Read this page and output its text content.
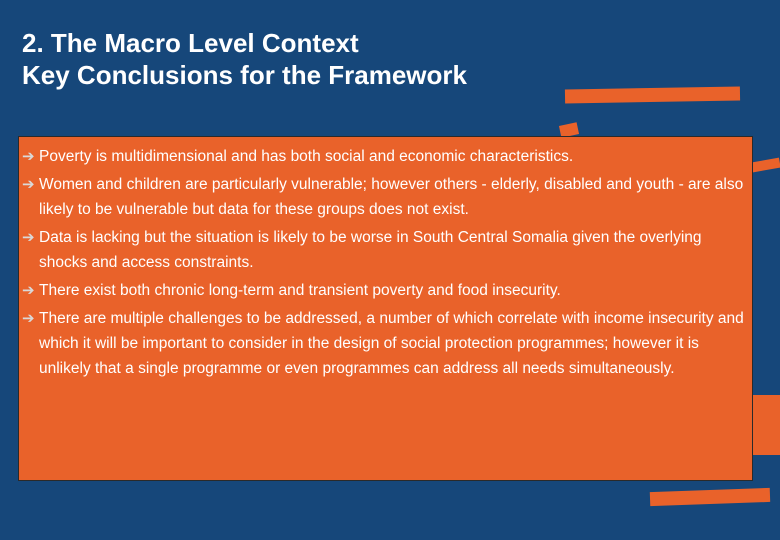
2. The Macro Level Context
Key Conclusions for the Framework
➔ Poverty is multidimensional and has both social and economic characteristics.
➔ Women and children are particularly vulnerable; however others - elderly, disabled and youth - are also likely to be vulnerable but data for these groups does not exist.
➔ Data is lacking but the situation is likely to be worse in South Central Somalia given the overlying shocks and access constraints.
➔ There exist both chronic long-term and transient poverty and food insecurity.
➔ There are multiple challenges to be addressed, a number of which correlate with income insecurity and which it will be important to consider in the design of social protection programmes; however it is unlikely that a single programme or even programmes can address all needs simultaneously.
